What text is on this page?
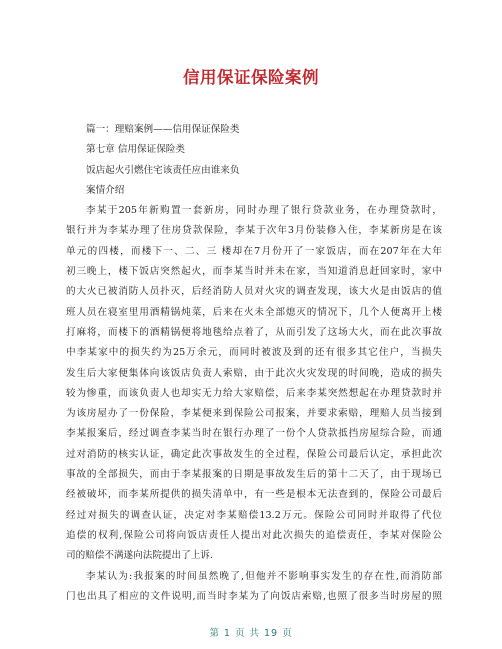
信用保证保险案例
篇一：理赔案例——信用保证保险类
第七章 信用保证保险类
饭店起火引燃住宅该责任应由谁来负
案情介绍
李某于205年新购置一套新房，同时办理了银行贷款业务，在办理贷款时，
银行并为李某办理了住房贷款保险，李某于次年3月份装修入住，李某新房是在该
单元的四楼，而楼下一、二、三 楼却在7月份开了一家饭店，而在207年在大年
初三晚上，楼下饭店突然起火，而李某当时并未在家，当知道消息赶回家时，家中
的大火已被消防人员扑灭，后经消防人员对火灾的调查发现，该大火是由饭店的值
班人员在寝室里用酒精锅炖菜，后来在火未全部熄灭的情况下，几个人便离开上楼
打麻将，而楼下的酒精锅便将地毯给点着了，从而引发了这场大火，而在此次事故
中李某家中的损失约为25万余元，而同时被波及到的还有很多其它住户，当损失
发生后大家便集体向该饭店负责人索赔，由于此次火灾发现的时间晚，造成的损失
较为惨重，而该负责人也却实无力给大家赔偿，后来李某突然想起在办理贷款时并
为该房屋办了一份保险，李某便来到保险公司报案，并要求索赔，理赔人员当接到
李某报案后，经过调查李某当时在银行办理了一份个人贷款抵挡房屋综合险，而通
过对消防的核实认证，确定此次事故发生的全过程，保险公司最后认定，承担此次
事故的全部损失，而由于李某报案的日期是事故发生后的第十二天了，由于现场已
经被破坏，而李某所提供的损失清单中，有一些是根本无法查到的，保险公司最后
经过对损失的调查认证，决定对李某赔偿13.2万元。保险公司同时并取得了代位
追偿的权利,保险公司将向饭店责任人提出对此次损失的追偿责任，李某对保险公
司的赔偿不满遂向法院提出了上诉.
李某认为:我报案的时间虽然晚了,但他并不影响事实发生的存在性,而消防部
门也出具了相应的文件说明,而当时李某为了向饭店索赔,也照了很多当时房屋的照
第 1 页 共 19 页
